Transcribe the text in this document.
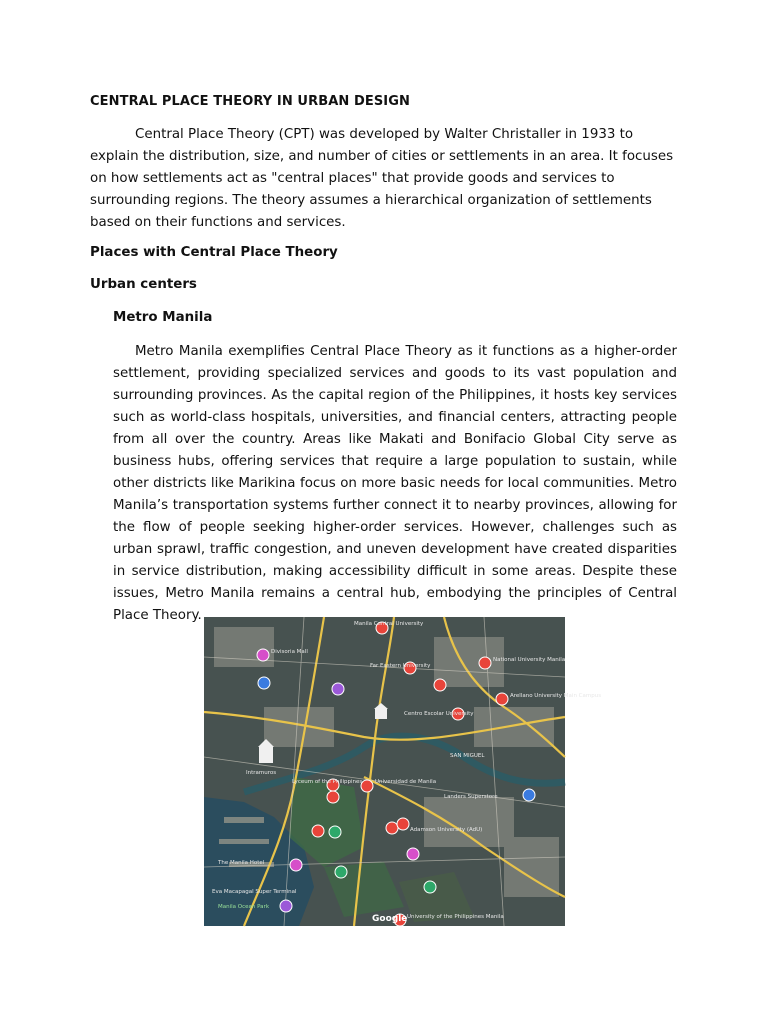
CENTRAL PLACE THEORY IN URBAN DESIGN

Central Place Theory (CPT) was developed by Walter Christaller in 1933 to explain the distribution, size, and number of cities or settlements in an area. It focuses on how settlements act as "central places" that provide goods and services to surrounding regions. The theory assumes a hierarchical organization of settlements based on their functions and services.

Places with Central Place Theory
Urban centers
Metro Manila

Metro Manila exemplifies Central Place Theory as it functions as a higher-order settlement, providing specialized services and goods to its vast population and surrounding provinces. As the capital region of the Philippines, it hosts key services such as world-class hospitals, universities, and financial centers, attracting people from all over the country. Areas like Makati and Bonifacio Global City serve as business hubs, offering services that require a large population to sustain, while other districts like Marikina focus on more basic needs for local communities. Metro Manila’s transportation systems further connect it to nearby provinces, allowing for the flow of people seeking higher-order services. However, challenges such as urban sprawl, traffic congestion, and uneven development have created disparities in service distribution, making accessibility difficult in some areas. Despite these issues, Metro Manila remains a central hub, embodying the principles of Central Place Theory.

Manila Central University
Divisoria Mall
Far Eastern University
National University Manila
Arellano University Main Campus
Centro Escolar University
Lyceum of the Philippines Universidad de Manila
Landers Superstore
Adamson University (AdU)
The Manila Hotel
Eva Macapagal Super Terminal
Manila Ocean Park
University of the Philippines Manila
SAN MIGUEL
Intramuros
Google
